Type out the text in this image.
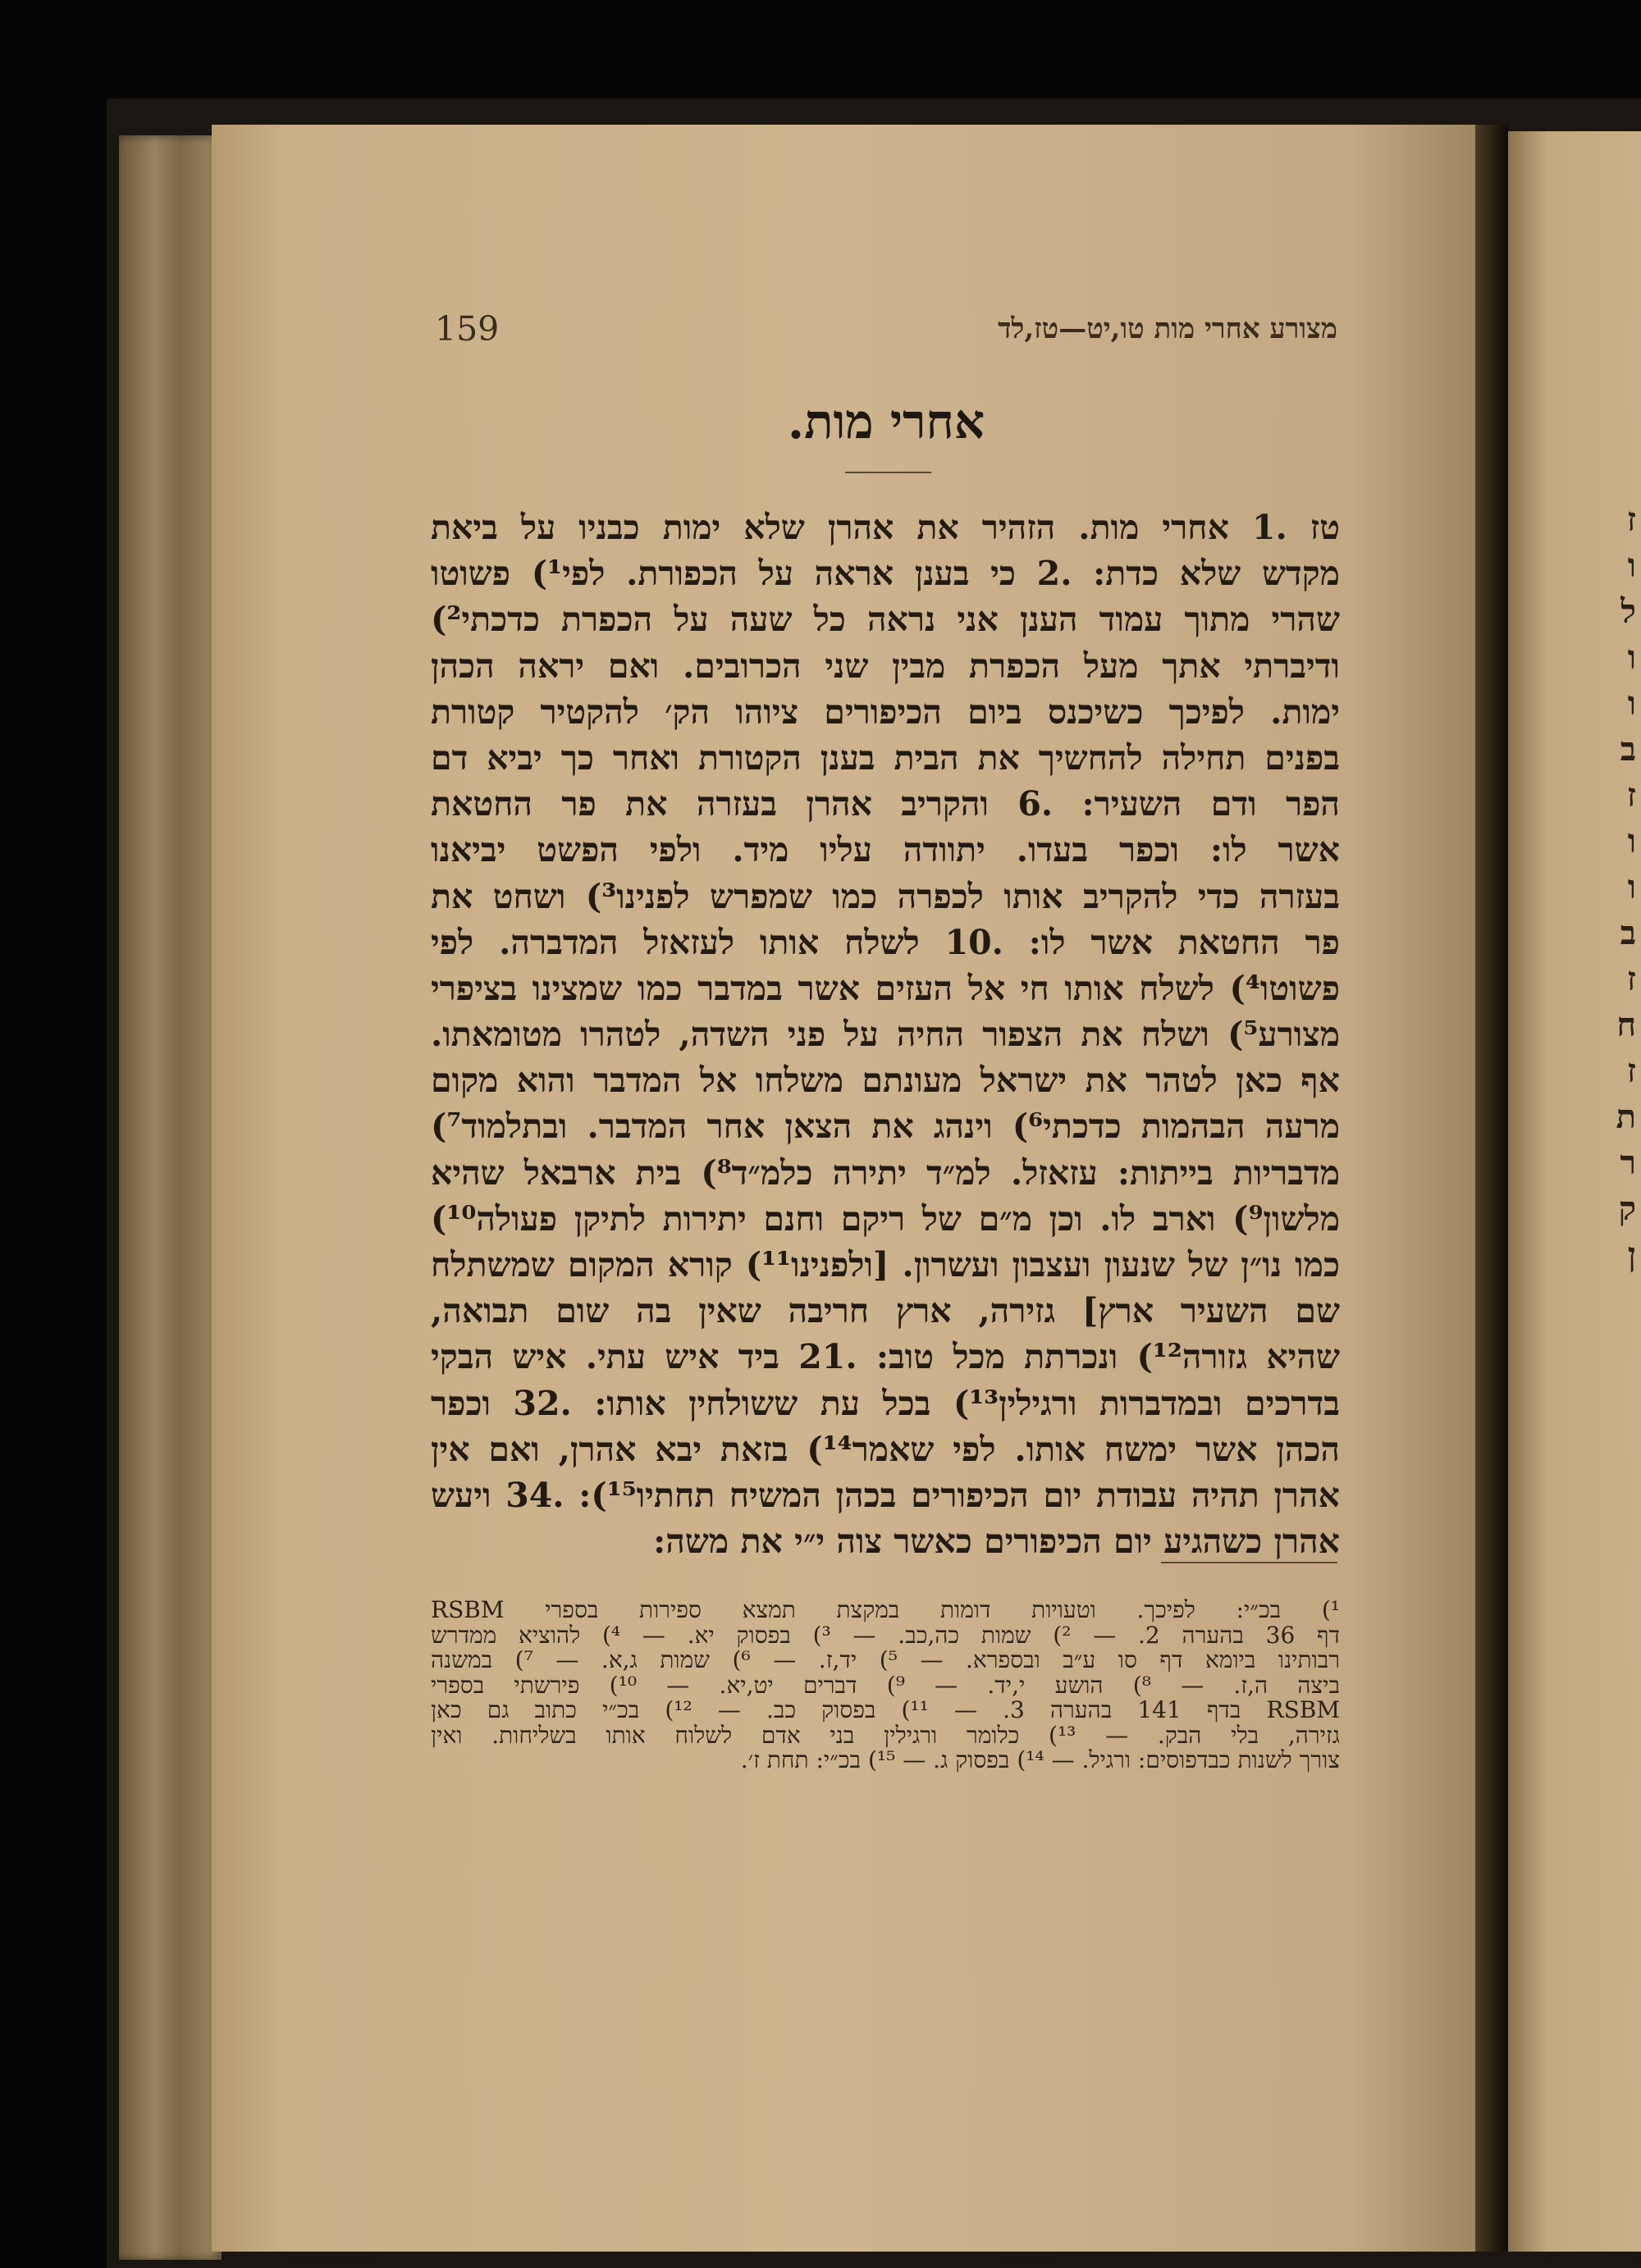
ז
ו
ל
ו
ו
ב
ז
ו
ו
ב
ז
ח
ז
ת
ר
ק
ן
159	מצורע אחרי מות טו,יט—טז,לד
אחרי מות.
טז .1 אחרי מות. הזהיר את אהרן שלא ימות כבניו על ביאת
מקדש שלא כדת: .2 כי בענן אראה על הכפורת. לפי¹) פשוטו
שהרי מתוך עמוד הענן אני נראה כל שעה על הכפרת כדכתי²)
ודיברתי אתך מעל הכפרת מבין שני הכרובים. ואם יראה הכהן
ימות. לפיכך כשיכנס ביום הכיפורים ציוהו הק׳ להקטיר קטורת
בפנים תחילה להחשיך את הבית בענן הקטורת ואחר כך יביא דם
הפר ודם השעיר: .6 והקריב אהרן בעזרה את פר החטאת
אשר לו: וכפר בעדו. יתוודה עליו מיד. ולפי הפשט יביאנו
בעזרה כדי להקריב אותו לכפרה כמו שמפרש לפנינו³) ושחט את
פר החטאת אשר לו: .10 לשלח אותו לעזאזל המדברה. לפי
פשוטו⁴) לשלח אותו חי אל העזים אשר במדבר כמו שמצינו בציפרי
מצורע⁵) ושלח את הצפור החיה על פני השדה, לטהרו מטומאתו.
אף כאן לטהר את ישראל מעונתם משלחו אל המדבר והוא מקום
מרעה הבהמות כדכתי⁶) וינהג את הצאן אחר המדבר. ובתלמוד⁷)
מדבריות בייתות: עזאזל. למ״ד יתירה כלמ״ד⁸) בית ארבאל שהיא
מלשון⁹) וארב לו. וכן מ״ם של ריקם וחנם יתירות לתיקן פעולה¹⁰)
כמו נו״ן של שנעון ועצבון ועשרון. [ולפנינו¹¹) קורא המקום שמשתלח
שם השעיר ארץ] גזירה, ארץ חריבה שאין בה שום תבואה,
שהיא גזורה¹²) ונכרתת מכל טוב: .21 ביד איש עתי. איש הבקי
בדרכים ובמדברות ורגילין¹³) בכל עת ששולחין אותו: .32 וכפר
הכהן אשר ימשח אותו. לפי שאמר¹⁴) בזאת יבא אהרן, ואם אין
אהרן תהיה עבודת יום הכיפורים בכהן המשיח תחתיו¹⁵): .34 ויעש
אהרן כשהגיע יום הכיפורים כאשר צוה י״י את משה:
¹) בכ״י: לפיכך. וטעויות דומות במקצת תמצא ספירות בספרי RSBM
דף 36 בהערה 2. — ²) שמות כה,כב. — ³) בפסוק יא. — ⁴) להוציא ממדרש
רבותינו ביומא דף סו ע״ב ובספרא. — ⁵) יד,ז. — ⁶) שמות ג,א. — ⁷) במשנה
ביצה ה,ז. — ⁸) הושע י,יד. — ⁹) דברים יט,יא. — ¹⁰) פירשתי בספרי
RSBM בדף 141 בהערה 3. — ¹¹) בפסוק כב. — ¹²) בכ״י כתוב גם כאן
גזירה, בלי הבק. — ¹³) כלומר ורגילין בני אדם לשלוח אותו בשליחות. ואין
צורך לשנות כבדפוסים: ורגיל. — ¹⁴) בפסוק ג. — ¹⁵) בכ״י: תחת ז׳.
